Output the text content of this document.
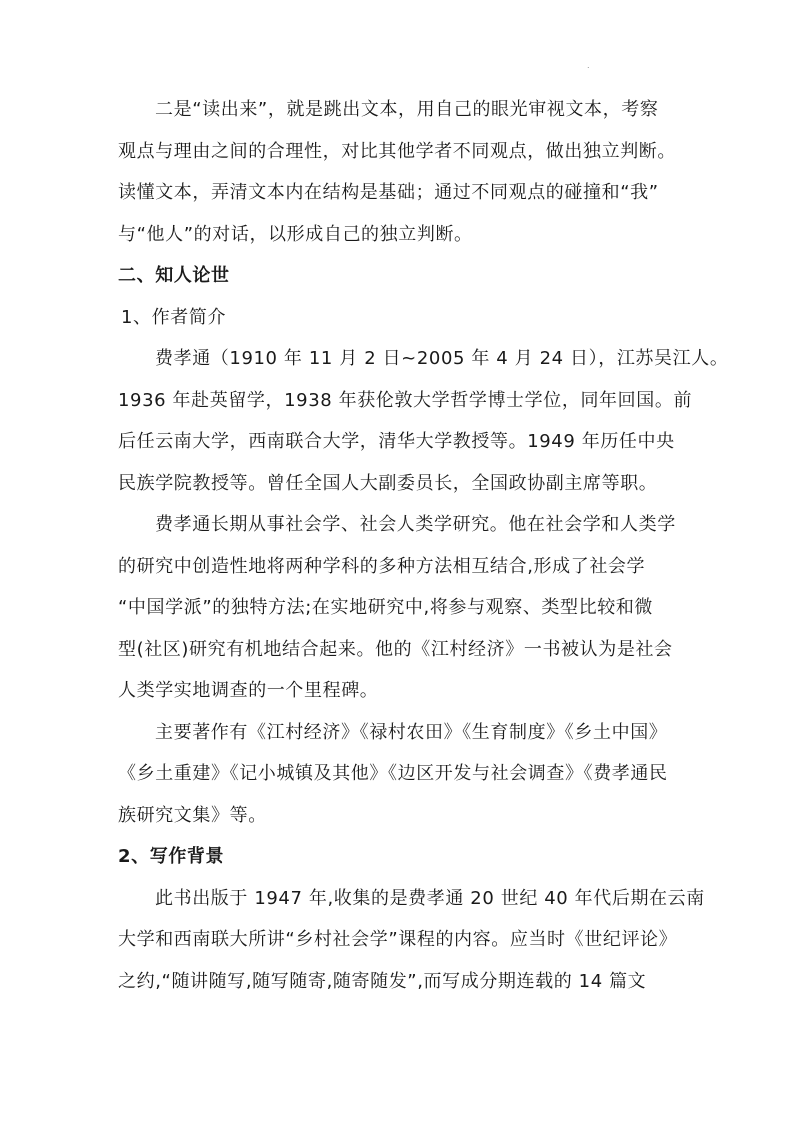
.
二是“读出来”，就是跳出文本，用自己的眼光审视文本，考察
观点与理由之间的合理性，对比其他学者不同观点，做出独立判断。
读懂文本，弄清文本内在结构是基础；通过不同观点的碰撞和“我”
与“他人”的对话，以形成自己的独立判断。
二、知人论世
1、作者简介
费孝通（1910 年 11 月 2 日~2005 年 4 月 24 日），江苏吴江人。
1936 年赴英留学，1938 年获伦敦大学哲学博士学位，同年回国。前
后任云南大学，西南联合大学，清华大学教授等。1949 年历任中央
民族学院教授等。曾任全国人大副委员长，全国政协副主席等职。
费孝通长期从事社会学、社会人类学研究。他在社会学和人类学
的研究中创造性地将两种学科的多种方法相互结合,形成了社会学
“中国学派”的独特方法;在实地研究中,将参与观察、类型比较和微
型(社区)研究有机地结合起来。他的《江村经济》一书被认为是社会
人类学实地调查的一个里程碑。
主要著作有《江村经济》《禄村农田》《生育制度》《乡土中国》
《乡土重建》《记小城镇及其他》《边区开发与社会调查》《费孝通民
族研究文集》等。
2、写作背景
此书出版于 1947 年,收集的是费孝通 20 世纪 40 年代后期在云南
大学和西南联大所讲“乡村社会学”课程的内容。应当时《世纪评论》
之约,“随讲随写,随写随寄,随寄随发”,而写成分期连载的 14 篇文
